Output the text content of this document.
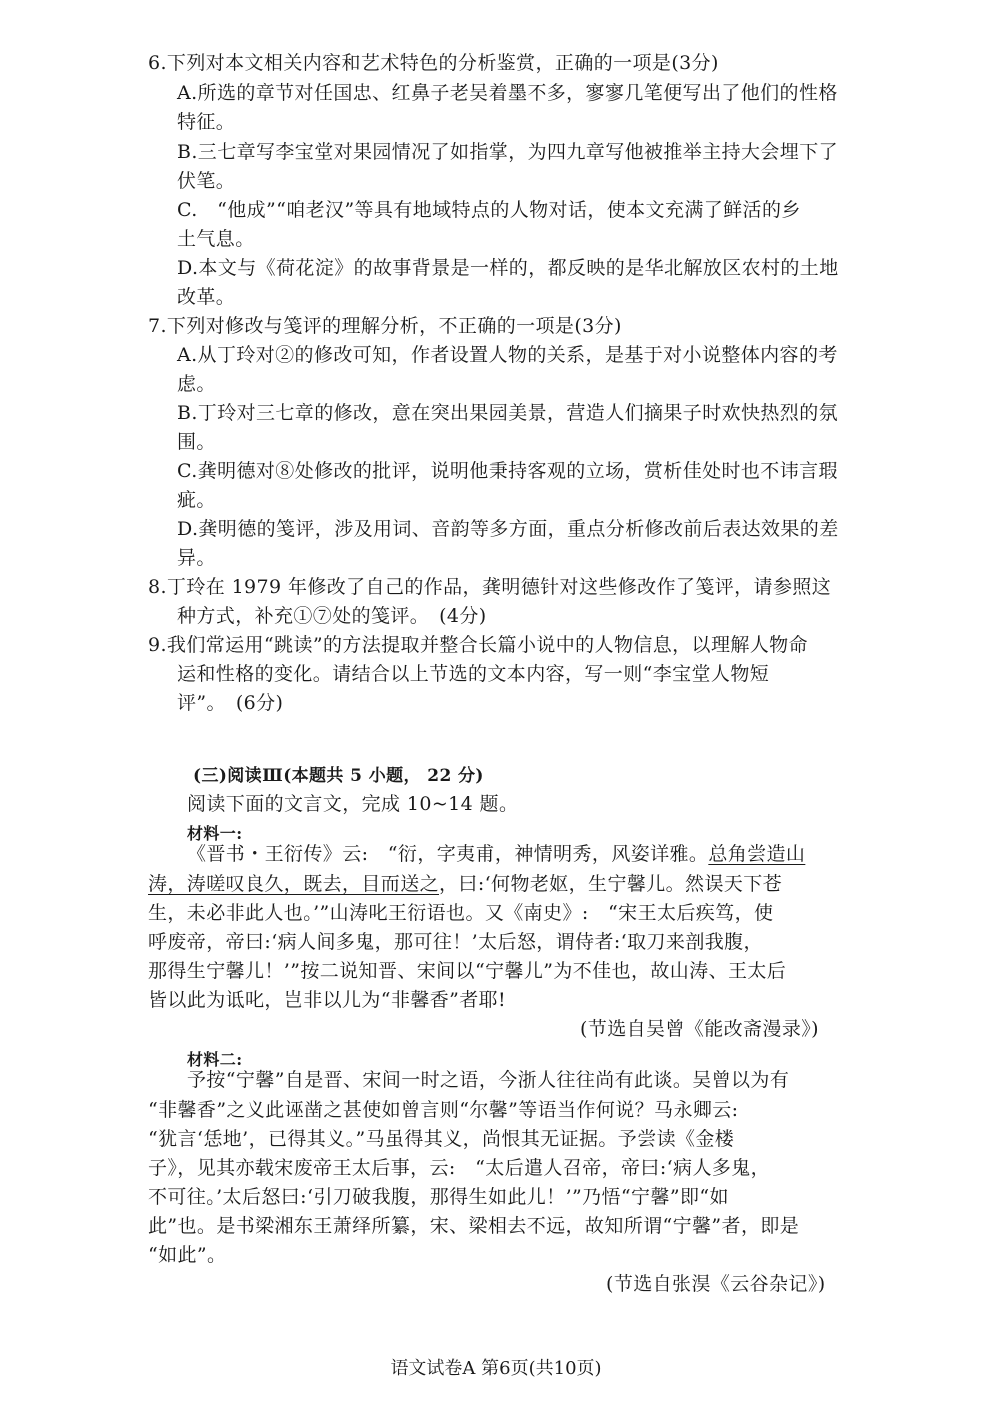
6.下列对本文相关内容和艺术特色的分析鉴赏，正确的一项是(3分)
A.所选的章节对任国忠、红鼻子老吴着墨不多，寥寥几笔便写出了他们的性格
特征。
B.三七章写李宝堂对果园情况了如指掌，为四九章写他被推举主持大会埋下了
伏笔。
C.　“他成”“咱老汉”等具有地域特点的人物对话，使本文充满了鲜活的乡
土气息。
D.本文与《荷花淀》的故事背景是一样的，都反映的是华北解放区农村的土地
改革。
7.下列对修改与笺评的理解分析，不正确的一项是(3分)
A.从丁玲对②的修改可知，作者设置人物的关系，是基于对小说整体内容的考
虑。
B.丁玲对三七章的修改，意在突出果园美景，营造人们摘果子时欢快热烈的氛
围。
C.龚明德对⑧处修改的批评，说明他秉持客观的立场，赏析佳处时也不讳言瑕
疵。
D.龚明德的笺评，涉及用词、音韵等多方面，重点分析修改前后表达效果的差
异。
8.丁玲在 1979 年修改了自己的作品，龚明德针对这些修改作了笺评，请参照这
种方式，补充①⑦处的笺评。　(4分)
9.我们常运用“跳读”的方法提取并整合长篇小说中的人物信息，以理解人物命
运和性格的变化。请结合以上节选的文本内容，写一则“李宝堂人物短
评”。　(6分)
(三)阅读Ⅲ(本题共 5 小题， 22 分)
阅读下面的文言文，完成 10~14 题。
材料一:
《晋书・王衍传》云:　“衍，字夷甫，神情明秀，风姿详雅。总角尝造山
涛，涛嗟叹良久，既去，目而送之，曰:‘何物老妪，生宁馨儿。然误天下苍
生，未必非此人也。’”山涛叱王衍语也。又《南史》:　“宋王太后疾笃，使
呼废帝，帝曰:‘病人间多鬼，那可往！’太后怒，谓侍者:‘取刀来剖我腹，
那得生宁馨儿！’”按二说知晋、宋间以“宁馨儿”为不佳也，故山涛、王太后
皆以此为诋叱，岂非以儿为“非馨香”者耶!
(节选自吴曾《能改斋漫录》)
材料二:
予按“宁馨”自是晋、宋间一时之语，今浙人往往尚有此谈。吴曾以为有
“非馨香”之义此诬凿之甚使如曾言则“尔馨”等语当作何说？马永卿云:
“犹言‘恁地’，已得其义。”马虽得其义，尚恨其无证据。予尝读《金楼
子》，见其亦载宋废帝王太后事，云:　“太后遣人召帝，帝曰:‘病人多鬼，
不可往。’太后怒曰:‘引刀破我腹，那得生如此儿！’”乃悟“宁馨”即“如
此”也。是书梁湘东王萧绎所纂，宋、梁相去不远，故知所谓“宁馨”者，即是
“如此”。
(节选自张淏《云谷杂记》)
语文试卷A 第6页(共10页)
